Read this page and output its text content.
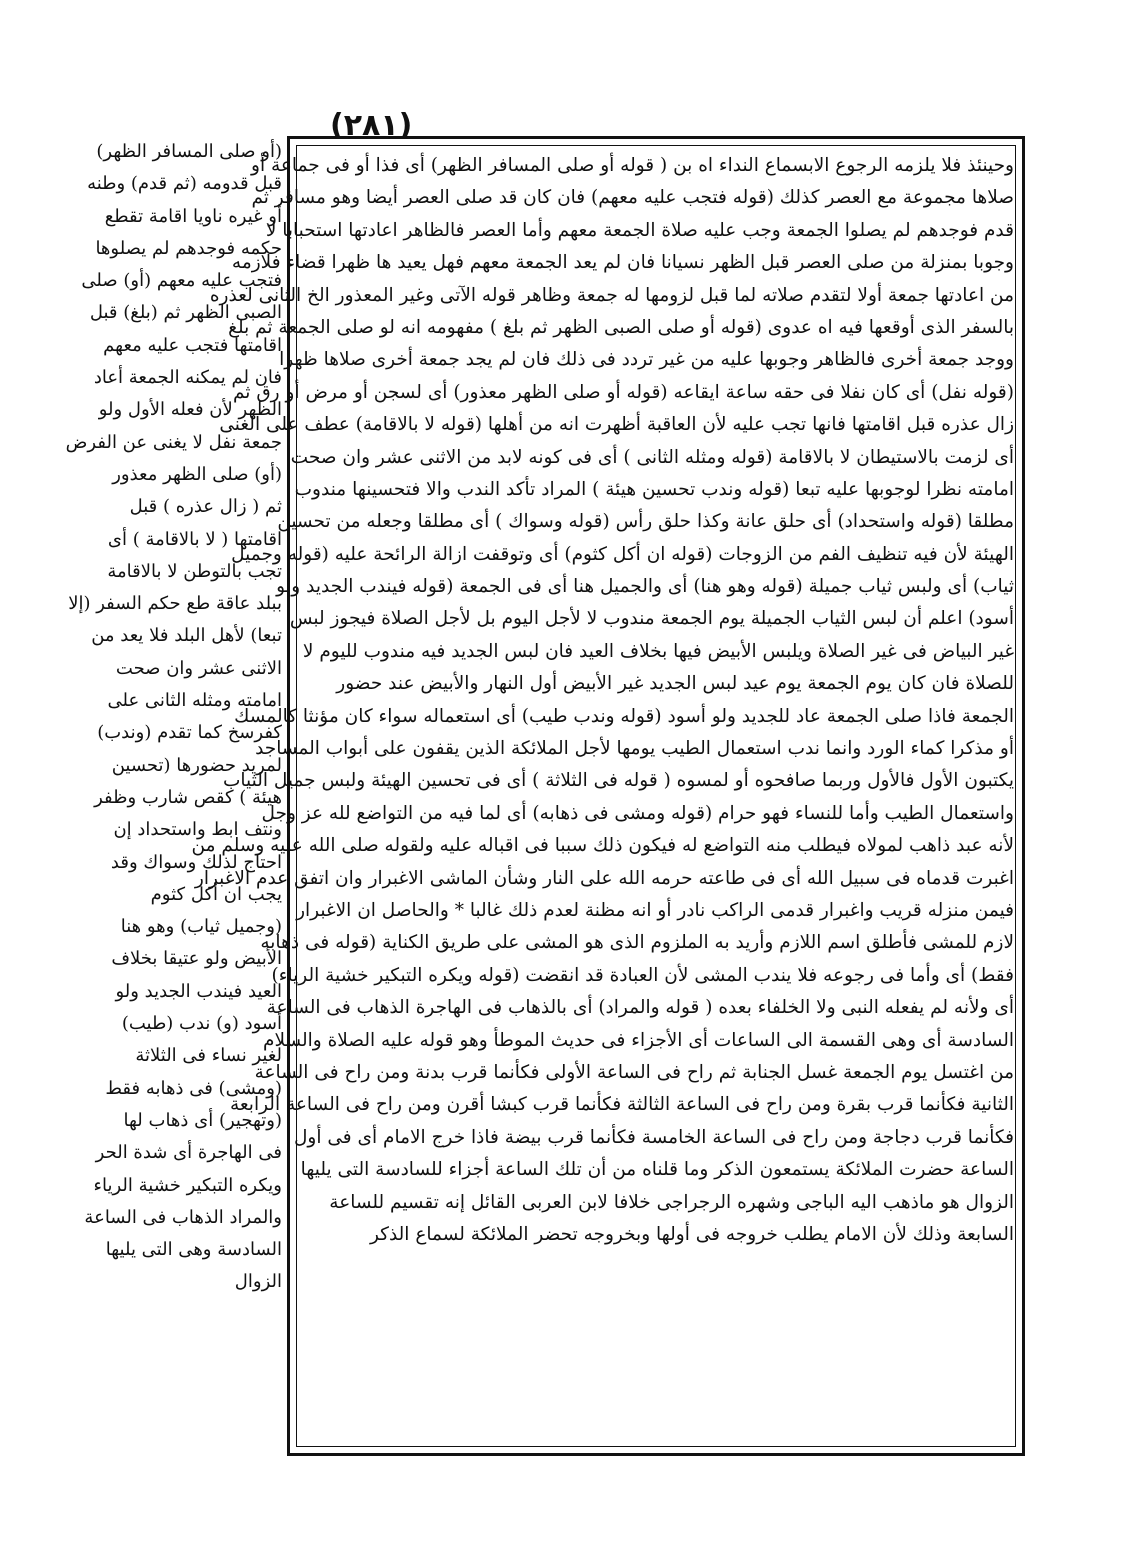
(٢٨١)
وحينئذ فلا يلزمه الرجوع الابسماع النداء اه بن ( قوله أو صلى المسافر الظهر) أى فذا أو فى جماعة أو
صلاها مجموعة مع العصر كذلك (قوله فتجب عليه معهم) فان كان قد صلى العصر أيضا وهو مسافر ثم
قدم فوجدهم لم يصلوا الجمعة وجب عليه صلاة الجمعة معهم وأما العصر فالظاهر اعادتها استحبابا لا
وجوبا بمنزلة من صلى العصر قبل الظهر نسيانا فان لم يعد الجمعة معهم فهل يعيد ها ظهرا قضاء فلازمه
من اعادتها جمعة أولا لتقدم صلاته لما قبل لزومها له جمعة وظاهر قوله الآتى وغير المعذور الخ الثانى لعذره
بالسفر الذى أوقعها فيه اه عدوى (قوله أو صلى الصبى الظهر ثم بلغ ) مفهومه انه لو صلى الجمعة ثم بلغ
ووجد جمعة أخرى فالظاهر وجوبها عليه من غير تردد فى ذلك فان لم يجد جمعة أخرى صلاها ظهرا
(قوله نفل) أى كان نفلا فى حقه ساعة ايقاعه (قوله أو صلى الظهر معذور) أى لسجن أو مرض أو رق ثم
زال عذره قبل اقامتها فانها تجب عليه لأن العاقبة أظهرت انه من أهلها (قوله لا بالاقامة) عطف على الغنى
أى لزمت بالاستيطان لا بالاقامة (قوله ومثله الثانى ) أى فى كونه لابد من الاثنى عشر وان صحت
امامته نظرا لوجوبها عليه تبعا (قوله وندب تحسين هيئة ) المراد تأكد الندب والا فتحسينها مندوب
مطلقا (قوله واستحداد) أى حلق عانة وكذا حلق رأس (قوله وسواك ) أى مطلقا وجعله من تحسين
الهيئة لأن فيه تنظيف الفم من الزوجات (قوله ان أكل كثوم) أى وتوقفت ازالة الرائحة عليه (قوله وجميل
ثياب) أى ولبس ثياب جميلة (قوله وهو هنا) أى والجميل هنا أى فى الجمعة (قوله فيندب الجديد ولو
أسود) اعلم أن لبس الثياب الجميلة يوم الجمعة مندوب لا لأجل اليوم بل لأجل الصلاة فيجوز لبس
غير البياض فى غير الصلاة ويلبس الأبيض فيها بخلاف العيد فان لبس الجديد فيه مندوب لليوم لا
للصلاة فان كان يوم الجمعة يوم عيد لبس الجديد غير الأبيض أول النهار والأبيض عند حضور
الجمعة فاذا صلى الجمعة عاد للجديد ولو أسود (قوله وندب طيب) أى استعماله سواء كان مؤنثا كالمسك
أو مذكرا كماء الورد وانما ندب استعمال الطيب يومها لأجل الملائكة الذين يقفون على أبواب المساجد
يكتبون الأول فالأول وربما صافحوه أو لمسوه ( قوله فى الثلاثة ) أى فى تحسين الهيئة ولبس جميل الثياب
واستعمال الطيب وأما للنساء فهو حرام (قوله ومشى فى ذهابه) أى لما فيه من التواضع لله عز وجل
لأنه عبد ذاهب لمولاه فيطلب منه التواضع له فيكون ذلك سببا فى اقباله عليه ولقوله صلى الله عليه وسلم من
اغبرت قدماه فى سبيل الله أى فى طاعته حرمه الله على النار وشأن الماشى الاغبرار وان اتفق عدم الاغبرار
فيمن منزله قريب واغبرار قدمى الراكب نادر أو انه مظنة لعدم ذلك غالبا * والحاصل ان الاغبرار
لازم للمشى فأطلق اسم اللازم وأريد به الملزوم الذى هو المشى على طريق الكناية (قوله فى ذهابه
فقط) أى وأما فى رجوعه فلا يندب المشى لأن العبادة قد انقضت (قوله ويكره التبكير خشية الرياء)
أى ولأنه لم يفعله النبى ولا الخلفاء بعده ( قوله والمراد) أى بالذهاب فى الهاجرة الذهاب فى الساعة
السادسة أى وهى القسمة الى الساعات أى الأجزاء فى حديث الموطأ وهو قوله عليه الصلاة والسلام
من اغتسل يوم الجمعة غسل الجنابة ثم راح فى الساعة الأولى فكأنما قرب بدنة ومن راح فى الساعة
الثانية فكأنما قرب بقرة ومن راح فى الساعة الثالثة فكأنما قرب كبشا أقرن ومن راح فى الساعة الرابعة
فكأنما قرب دجاجة ومن راح فى الساعة الخامسة فكأنما قرب بيضة فاذا خرج الامام أى فى أول
الساعة حضرت الملائكة يستمعون الذكر وما قلناه من أن تلك الساعة أجزاء للسادسة التى يليها
الزوال هو ماذهب اليه الباجى وشهره الرجراجى خلافا لابن العربى القائل إنه تقسيم للساعة
السابعة وذلك لأن الامام يطلب خروجه فى أولها وبخروجه تحضر الملائكة لسماع الذكر
(أو صلى المسافر الظهر)
قبل قدومه (ثم قدم) وطنه
أو غيره ناويا اقامة تقطع
حكمه فوجدهم لم يصلوها
فتجب عليه معهم (أو) صلى
الصبى الظهر ثم (بلغ) قبل
اقامتها فتجب عليه معهم
فان لم يمكنه الجمعة أعاد
الظهر لأن فعله الأول ولو
جمعة نفل لا يغنى عن الفرض
(أو) صلى الظهر معذور
ثم ( زال عذره ) قبل
اقامتها ( لا بالاقامة ) أى
تجب بالتوطن لا بالاقامة
ببلد عاقة طع حكم السفر (إلا
تبعا) لأهل البلد فلا يعد من
الاثنى عشر وان صحت
امامته ومثله الثانى على
كفرسخ كما تقدم (وندب)
لمريد حضورها (تحسين
هيئة ) كقص شارب وظفر
ونتف ابط واستحداد إن
احتاج لذلك وسواك وقد
يجب ان أكل كثوم
(وجميل ثياب) وهو هنا
الأبيض ولو عتيقا بخلاف
العيد فيندب الجديد ولو
أسود (و) ندب (طيب)
لغير نساء فى الثلاثة
(ومشى) فى ذهابه فقط
(وتهجير) أى ذهاب لها
فى الهاجرة أى شدة الحر
ويكره التبكير خشية الرياء
والمراد الذهاب فى الساعة
السادسة وهى التى يليها
الزوال
